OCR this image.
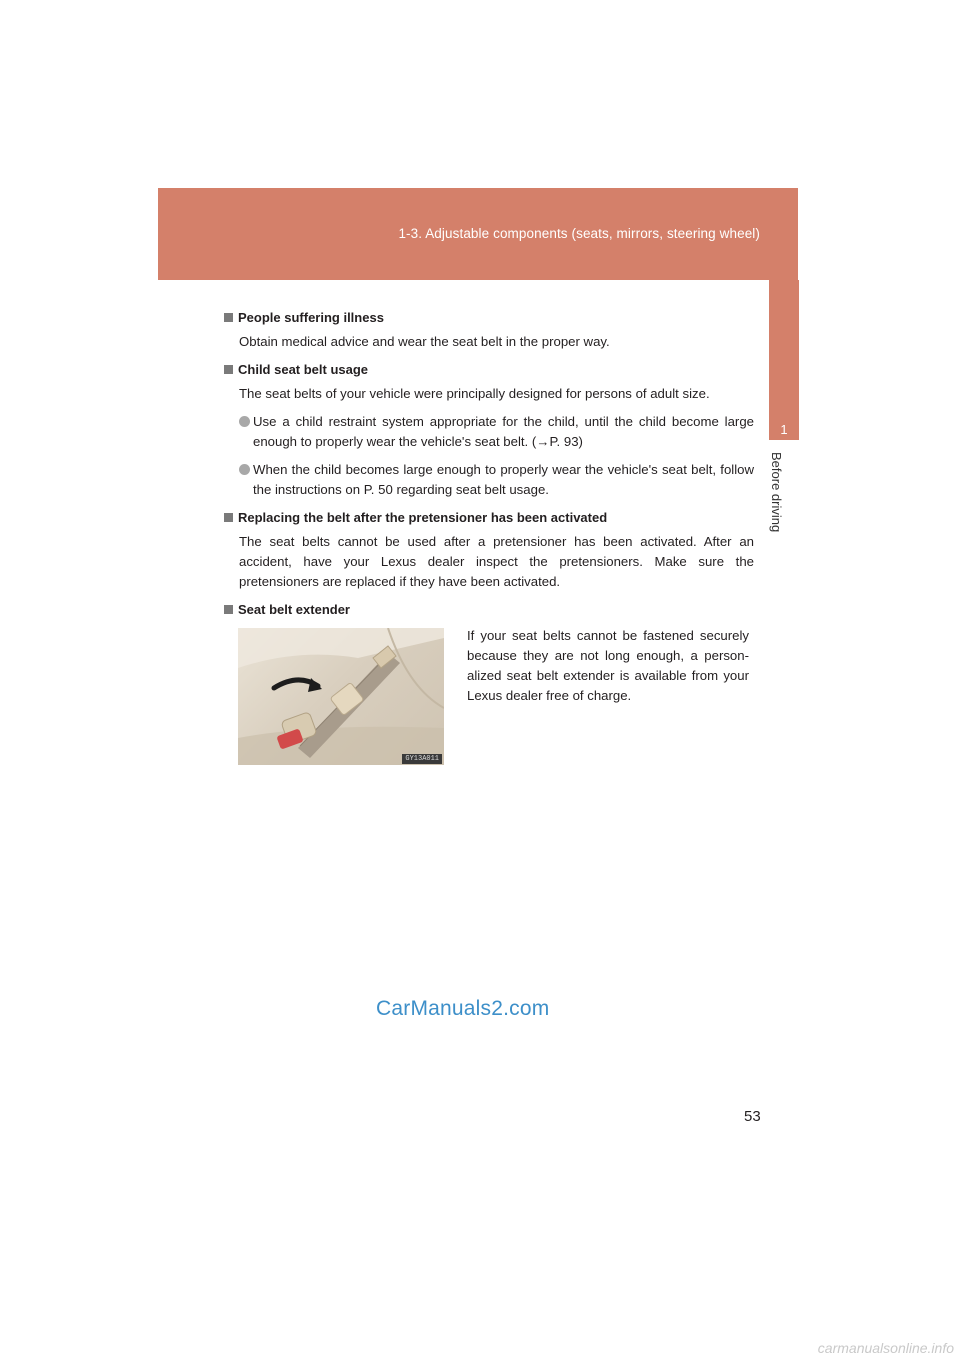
1-3. Adjustable components (seats, mirrors, steering wheel)
1
Before driving

People suffering illness

Obtain medical advice and wear the seat belt in the proper way.

Child seat belt usage

The seat belts of your vehicle were principally designed for persons of adult size.

Use a child restraint system appropriate for the child, until the child become large enough to properly wear the vehicle's seat belt. (→P. 93)
When the child becomes large enough to properly wear the vehicle's seat belt, follow the instructions on P. 50 regarding seat belt usage.

Replacing the belt after the pretensioner has been activated

The seat belts cannot be used after a pretensioner has been activated. After an accident, have your Lexus dealer inspect the pretensioners. Make sure the pretensioners are replaced if they have been activated.

Seat belt extender

GY13A011
If your seat belts cannot be fastened securely because they are not long enough, a person-alized seat belt extender is available from your Lexus dealer free of charge.
CarManuals2.com
53
carmanualsonline.info
